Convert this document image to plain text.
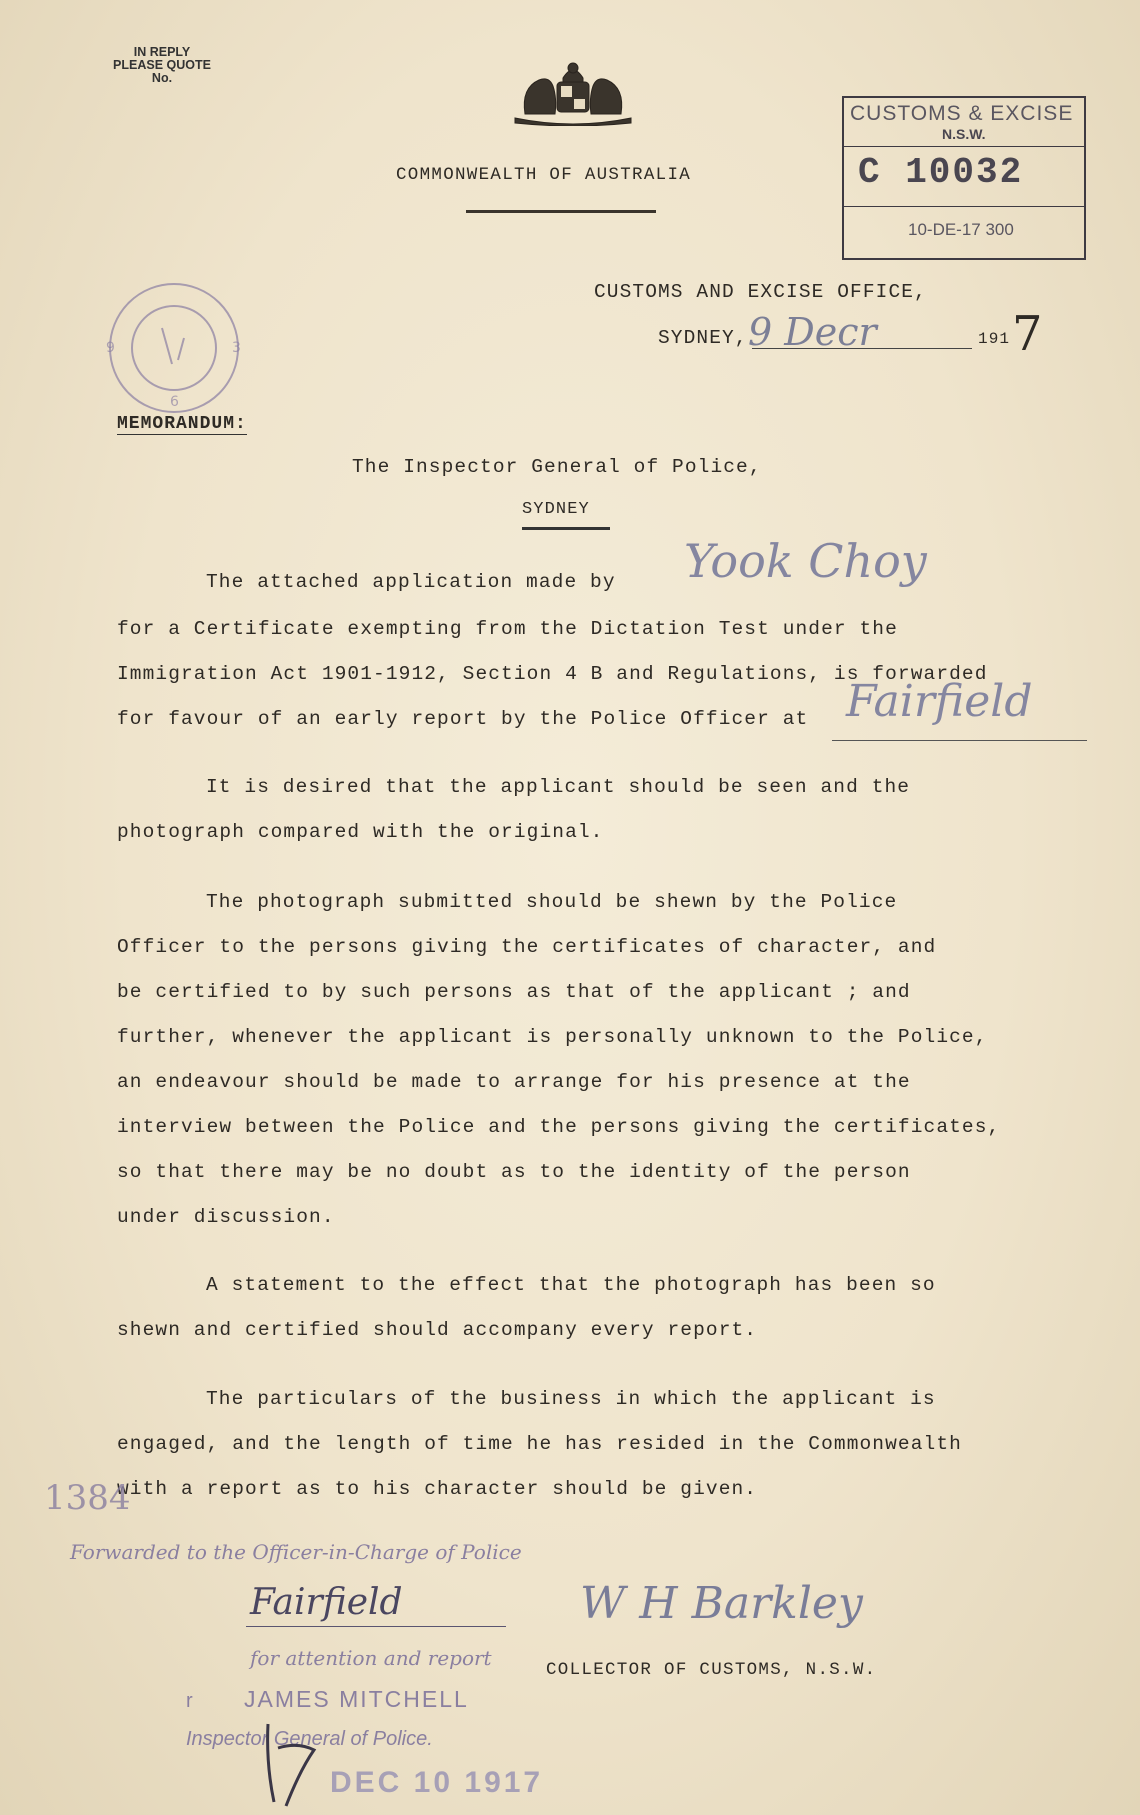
IN REPLY
PLEASE QUOTE
No.
COMMONWEALTH OF AUSTRALIA
CUSTOMS & EXCISE
N.S.W.
C 10032
10-DE-17 300
9	3
6
CUSTOMS AND EXCISE OFFICE,
SYDNEY, 9 Decr	191 7
MEMORANDUM:
The Inspector General of Police,
SYDNEY
The attached application made by Yook Choy
for a Certificate exempting from the Dictation Test under the
Immigration Act 1901-1912, Section 4 B and Regulations, is forwarded
for favour of an early report by the Police Officer at Fairfield
It is desired that the applicant should be seen and the
photograph compared with the original.
The photograph submitted should be shewn by the Police
Officer to the persons giving the certificates of character, and
be certified to by such persons as that of the applicant ; and
further, whenever the applicant is personally unknown to the Police,
an endeavour should be made to arrange for his presence at the
interview between the Police and the persons giving the certificates,
so that there may be no doubt as to the identity of the person
under discussion.
A statement to the effect that the photograph has been so
shewn and certified should accompany every report.
The particulars of the business in which the applicant is
engaged, and the length of time he has resided in the Commonwealth
with a report as to his character should be given.
1384
Forwarded to the Officer-in-Charge of Police
Fairfield
for attention and report
r JAMES MITCHELL
Inspector General of Police.
DEC 10 1917
W H Barkley
COLLECTOR OF CUSTOMS, N.S.W.
